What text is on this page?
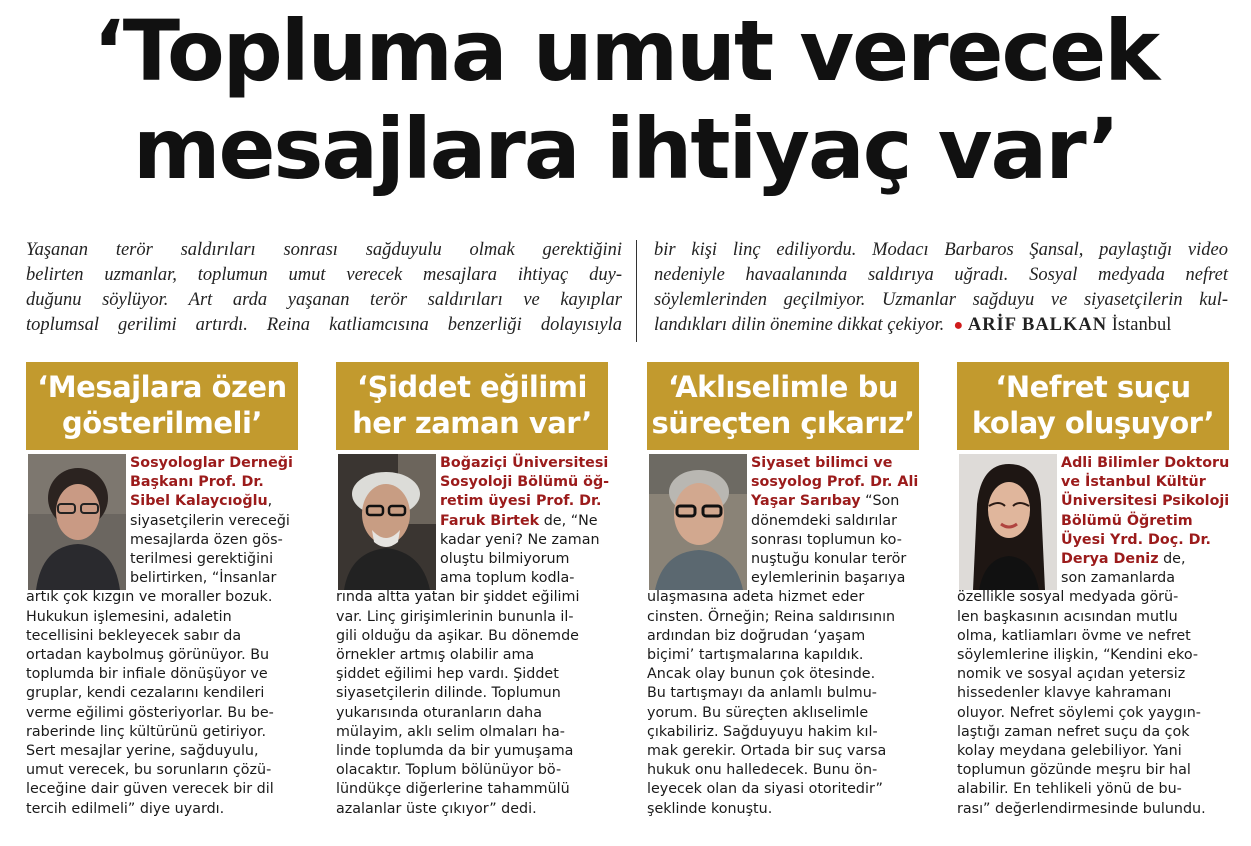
‘Topluma umut verecek
mesajlara ihtiyaç var’
Yaşanan terör saldırıları sonrası sağduyulu olmak gerektiğini
belirten uzmanlar, toplumun umut verecek mesajlara ihtiyaç duy-
duğunu söylüyor. Art arda yaşanan terör saldırıları ve kayıplar
toplumsal gerilimi artırdı. Reina katliamcısına benzerliği dolayısıyla
bir kişi linç ediliyordu. Modacı Barbaros Şansal, paylaştığı video
nedeniyle havaalanında saldırıya uğradı. Sosyal medyada nefret
söylemlerinden geçilmiyor. Uzmanlar sağduyu ve siyasetçilerin kul-
landıkları dilin önemine dikkat çekiyor. ● ARİF BALKAN İstanbul
‘Mesajlara özen
gösterilmeli’
Sosyologlar Derneği
Başkanı Prof. Dr.
Sibel Kalaycıoğlu,
siyasetçilerin vereceği
mesajlarda özen gös-
terilmesi gerektiğini
belirtirken, “İnsanlar
artık çok kızgın ve moraller bozuk.
Hukukun işlemesini, adaletin
tecellisini bekleyecek sabır da
ortadan kaybolmuş görünüyor. Bu
toplumda bir infiale dönüşüyor ve
gruplar, kendi cezalarını kendileri
verme eğilimi gösteriyorlar. Bu be-
raberinde linç kültürünü getiriyor.
Sert mesajlar yerine, sağduyulu,
umut verecek, bu sorunların çözü-
leceğine dair güven verecek bir dil
tercih edilmeli” diye uyardı.
‘Şiddet eğilimi
her zaman var’
Boğaziçi Üniversitesi
Sosyoloji Bölümü öğ-
retim üyesi Prof. Dr.
Faruk Birtek de, “Ne
kadar yeni? Ne zaman
oluştu bilmiyorum
ama toplum kodla-
rında altta yatan bir şiddet eğilimi
var. Linç girişimlerinin bununla il-
gili olduğu da aşikar. Bu dönemde
örnekler artmış olabilir ama
şiddet eğilimi hep vardı. Şiddet
siyasetçilerin dilinde. Toplumun
yukarısında oturanların daha
mülayim, aklı selim olmaları ha-
linde toplumda da bir yumuşama
olacaktır. Toplum bölünüyor bö-
lündükçe diğerlerine tahammülü
azalanlar üste çıkıyor” dedi.
‘Aklıselimle bu
süreçten çıkarız’
Siyaset bilimci ve
sosyolog Prof. Dr. Ali
Yaşar Sarıbay “Son
dönemdeki saldırılar
sonrası toplumun ko-
nuştuğu konular terör
eylemlerinin başarıya
ulaşmasına adeta hizmet eder
cinsten. Örneğin; Reina saldırısının
ardından biz doğrudan ‘yaşam
biçimi’ tartışmalarına kapıldık.
Ancak olay bunun çok ötesinde.
Bu tartışmayı da anlamlı bulmu-
yorum. Bu süreçten aklıselimle
çıkabiliriz. Sağduyuyu hakim kıl-
mak gerekir. Ortada bir suç varsa
hukuk onu halledecek. Bunu ön-
leyecek olan da siyasi otoritedir”
şeklinde konuştu.
‘Nefret suçu
kolay oluşuyor’
Adli Bilimler Doktoru
ve İstanbul Kültür
Üniversitesi Psikoloji
Bölümü Öğretim
Üyesi Yrd. Doç. Dr.
Derya Deniz de,
son zamanlarda
özellikle sosyal medyada görü-
len başkasının acısından mutlu
olma, katliamları övme ve nefret
söylemlerine ilişkin, “Kendini eko-
nomik ve sosyal açıdan yetersiz
hissedenler klavye kahramanı
oluyor. Nefret söylemi çok yaygın-
laştığı zaman nefret suçu da çok
kolay meydana gelebiliyor. Yani
toplumun gözünde meşru bir hal
alabilir. En tehlikeli yönü de bu-
rası” değerlendirmesinde bulundu.
